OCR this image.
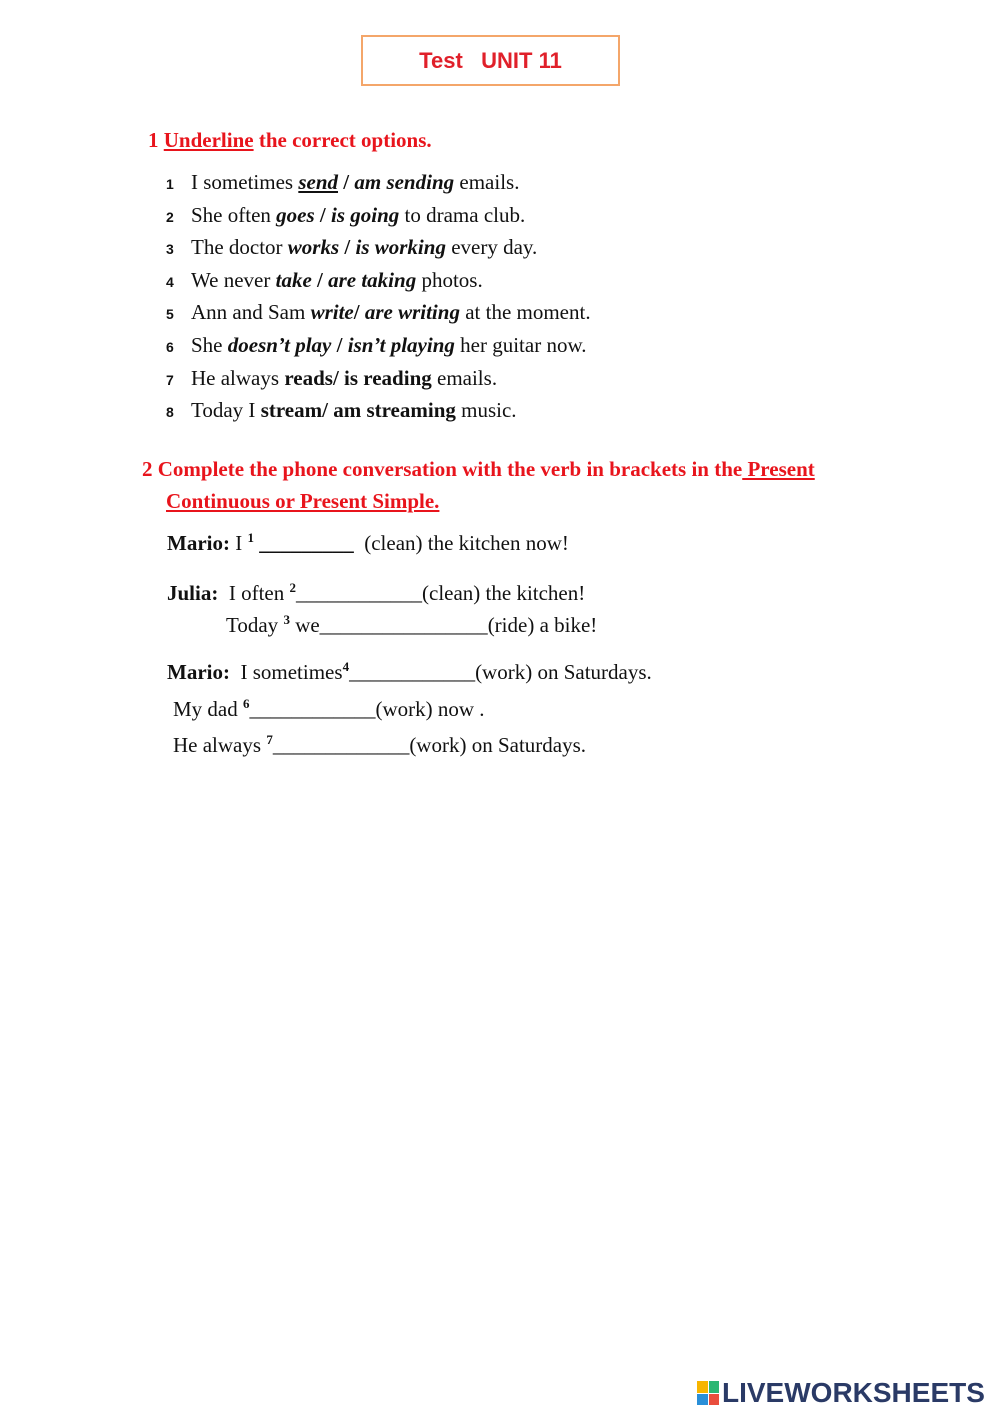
Test
UNIT 11
1 Underline the correct options.
1 I sometimes send / am sending emails.
2 She often goes / is going to drama club.
3 The doctor works / is working every day.
4 We never take / are taking photos.
5 Ann and Sam write/ are writing at the moment.
6 She doesn’t play / isn’t playing her guitar now.
7 He always reads/ is reading emails.
8 Today I stream/ am streaming music.
2 Complete the phone conversation with the verb in brackets in the Present
Continuous or Present Simple.
Mario: I $^1$ _________  (clean) the kitchen now!
Julia:  I often $^2$____________(clean) the kitchen!
Today $^3$ we________________(ride) a bike!
Mario:  I sometimes$^4$____________(work) on Saturdays.
My dad $^6$____________(work) now .
He always $^7$_____________(work) on Saturdays.
LIVEWORKSHEETS
